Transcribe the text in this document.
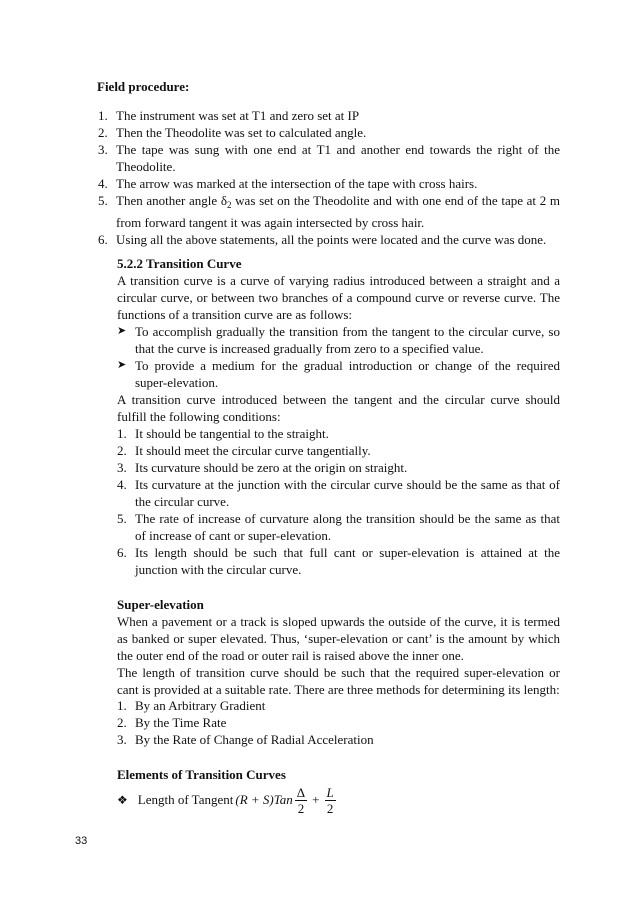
Field procedure:
1. The instrument was set at T1 and zero set at IP
2. Then the Theodolite was set to calculated angle.
3. The tape was sung with one end at T1 and another end towards the right of the Theodolite.
4. The arrow was marked at the intersection of the tape with cross hairs.
5. Then another angle $\delta_2$ was set on the Theodolite and with one end of the tape at 2 m from forward tangent it was again intersected by cross hair.
6. Using all the above statements, all the points were located and the curve was done.
5.2.2 Transition Curve

A transition curve is a curve of varying radius introduced between a straight and a circular curve, or between two branches of a compound curve or reverse curve. The functions of a transition curve are as follows:

➤ To accomplish gradually the transition from the tangent to the circular curve, so that the curve is increased gradually from zero to a specified value.
➤ To provide a medium for the gradual introduction or change of the required super-elevation.

A transition curve introduced between the tangent and the circular curve should fulfill the following conditions:

1. It should be tangential to the straight.
2. It should meet the circular curve tangentially.
3. Its curvature should be zero at the origin on straight.
4. Its curvature at the junction with the circular curve should be the same as that of the circular curve.
5. The rate of increase of curvature along the transition should be the same as that of increase of cant or super-elevation.
6. Its length should be such that full cant or super-elevation is attained at the junction with the circular curve.
Super-elevation

When a pavement or a track is sloped upwards the outside of the curve, it is termed as banked or super elevated. Thus, ‘super-elevation or cant’ is the amount by which the outer end of the road or outer rail is raised above the inner one.

The length of transition curve should be such that the required super-elevation or cant is provided at a suitable rate. There are three methods for determining its length:

1. By an Arbitrary Gradient
2. By the Time Rate
3. By the Rate of Change of Radial Acceleration
Elements of Transition Curves
❖ Length of Tangent (R + S) Tan $\frac{\Delta}{2} + \frac{L}{2}$
33
